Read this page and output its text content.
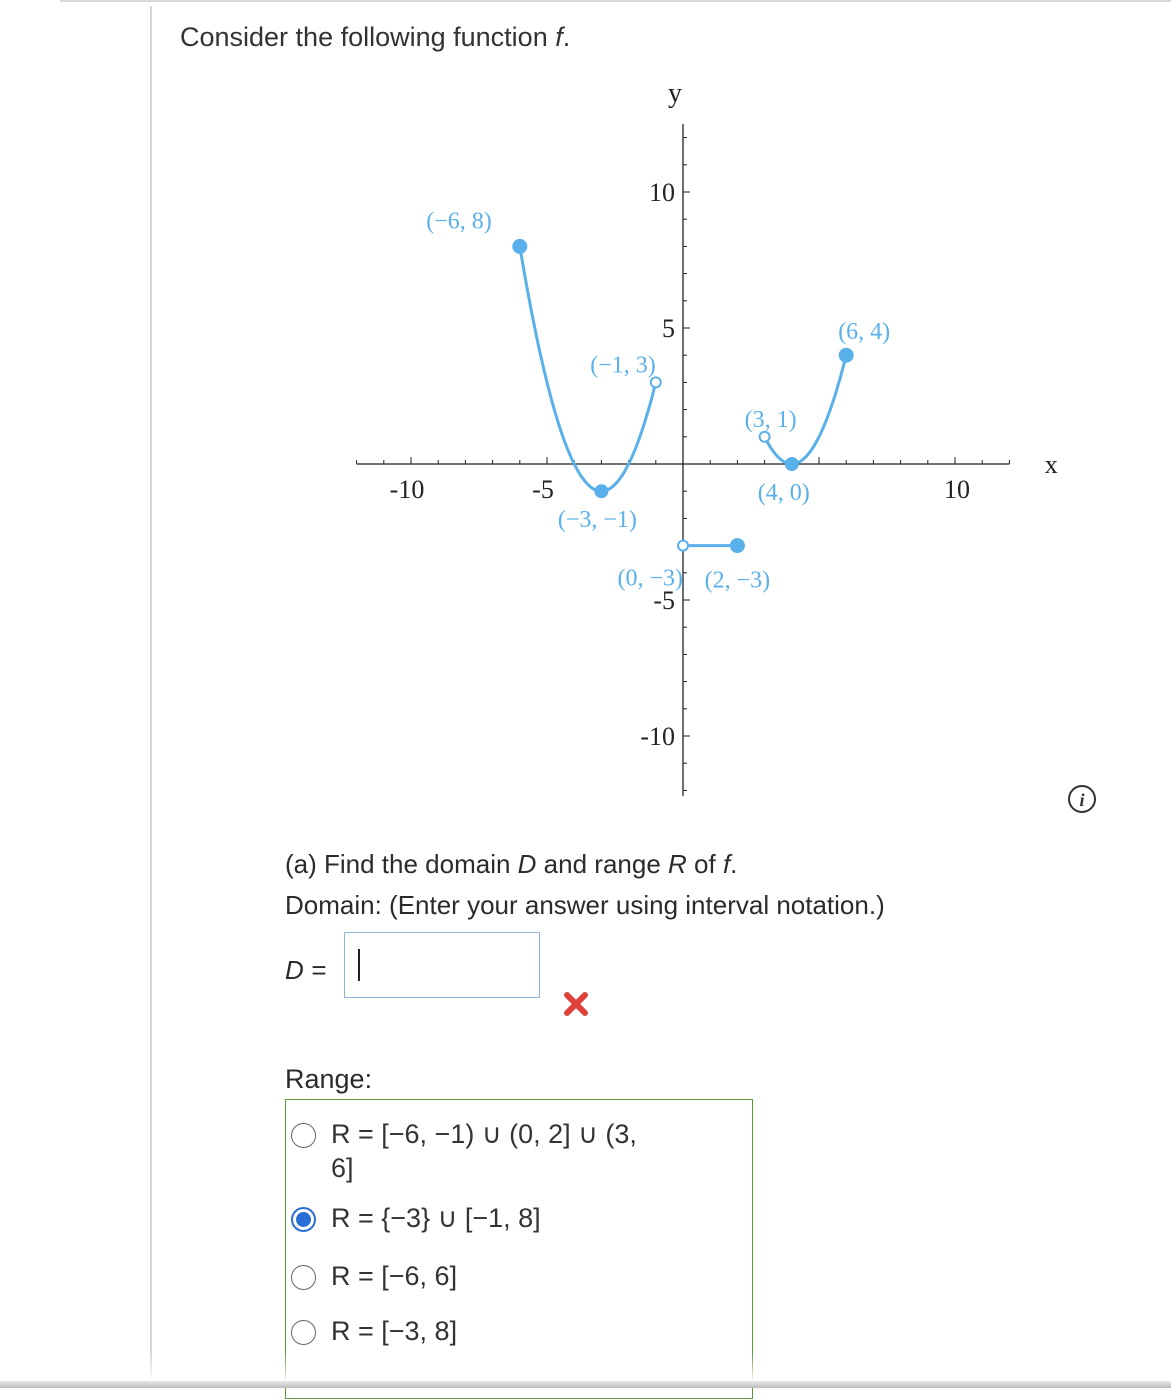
Consider the following function f.
x
y
-10	-5	10
10
5
-5
-10
(−6, 8)
(−1, 3)
(−3, −1)
(0, −3) (2, −3)
(3, 1)
(4, 0)
(6, 4)
i
(a) Find the domain D and range R of f.
Domain: (Enter your answer using interval notation.)
D =
Range:
R = [−6, −1) ∪ (0, 2] ∪ (3,
6]
R = {−3} ∪ [−1, 8]
R = [−6, 6]
R = [−3, 8]
